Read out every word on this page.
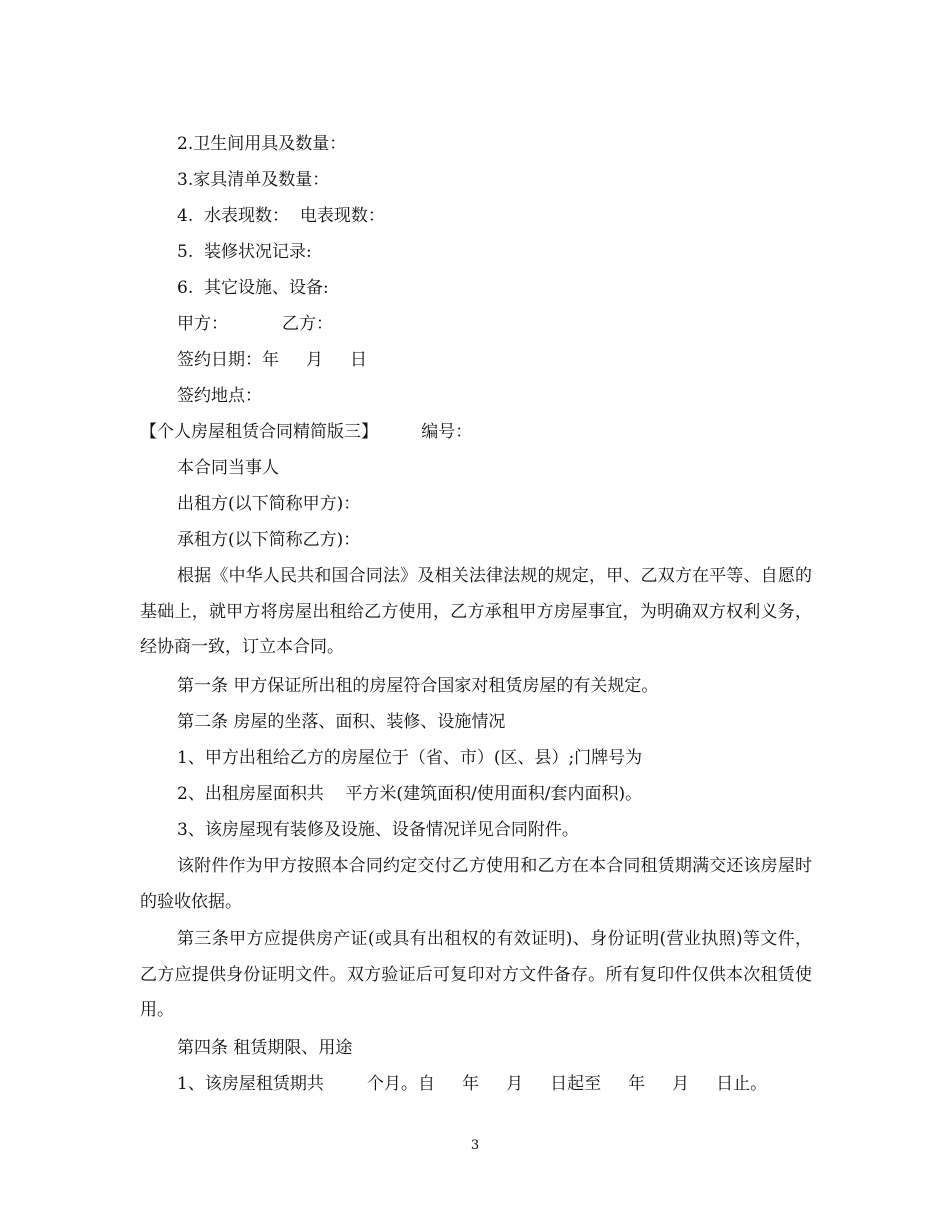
2.卫生间用具及数量：
3.家具清单及数量：
4.  水表现数：  电表现数：
5.  装修状况记录:
6.  其它设施、设备:
甲方：          乙方：
签约日期：年     月     日
签约地点：
【个人房屋租赁合同精简版三】        编号：
本合同当事人
出租方(以下简称甲方)：
承租方(以下简称乙方)：
根据《中华人民共和国合同法》及相关法律法规的规定，甲、乙双方在平等、自愿的基础上，就甲方将房屋出租给乙方使用，乙方承租甲方房屋事宜，为明确双方权利义务，经协商一致，订立本合同。
第一条 甲方保证所出租的房屋符合国家对租赁房屋的有关规定。
第二条 房屋的坐落、面积、装修、设施情况
1、甲方出租给乙方的房屋位于（省、市）(区、县）;门牌号为
2、出租房屋面积共    平方米(建筑面积/使用面积/套内面积)。
3、该房屋现有装修及设施、设备情况详见合同附件。
该附件作为甲方按照本合同约定交付乙方使用和乙方在本合同租赁期满交还该房屋时的验收依据。
第三条甲方应提供房产证(或具有出租权的有效证明)、身份证明(营业执照)等文件，乙方应提供身份证明文件。双方验证后可复印对方文件备存。所有复印件仅供本次租赁使用。
第四条 租赁期限、用途
1、该房屋租赁期共        个月。自     年     月     日起至     年     月     日止。
3
